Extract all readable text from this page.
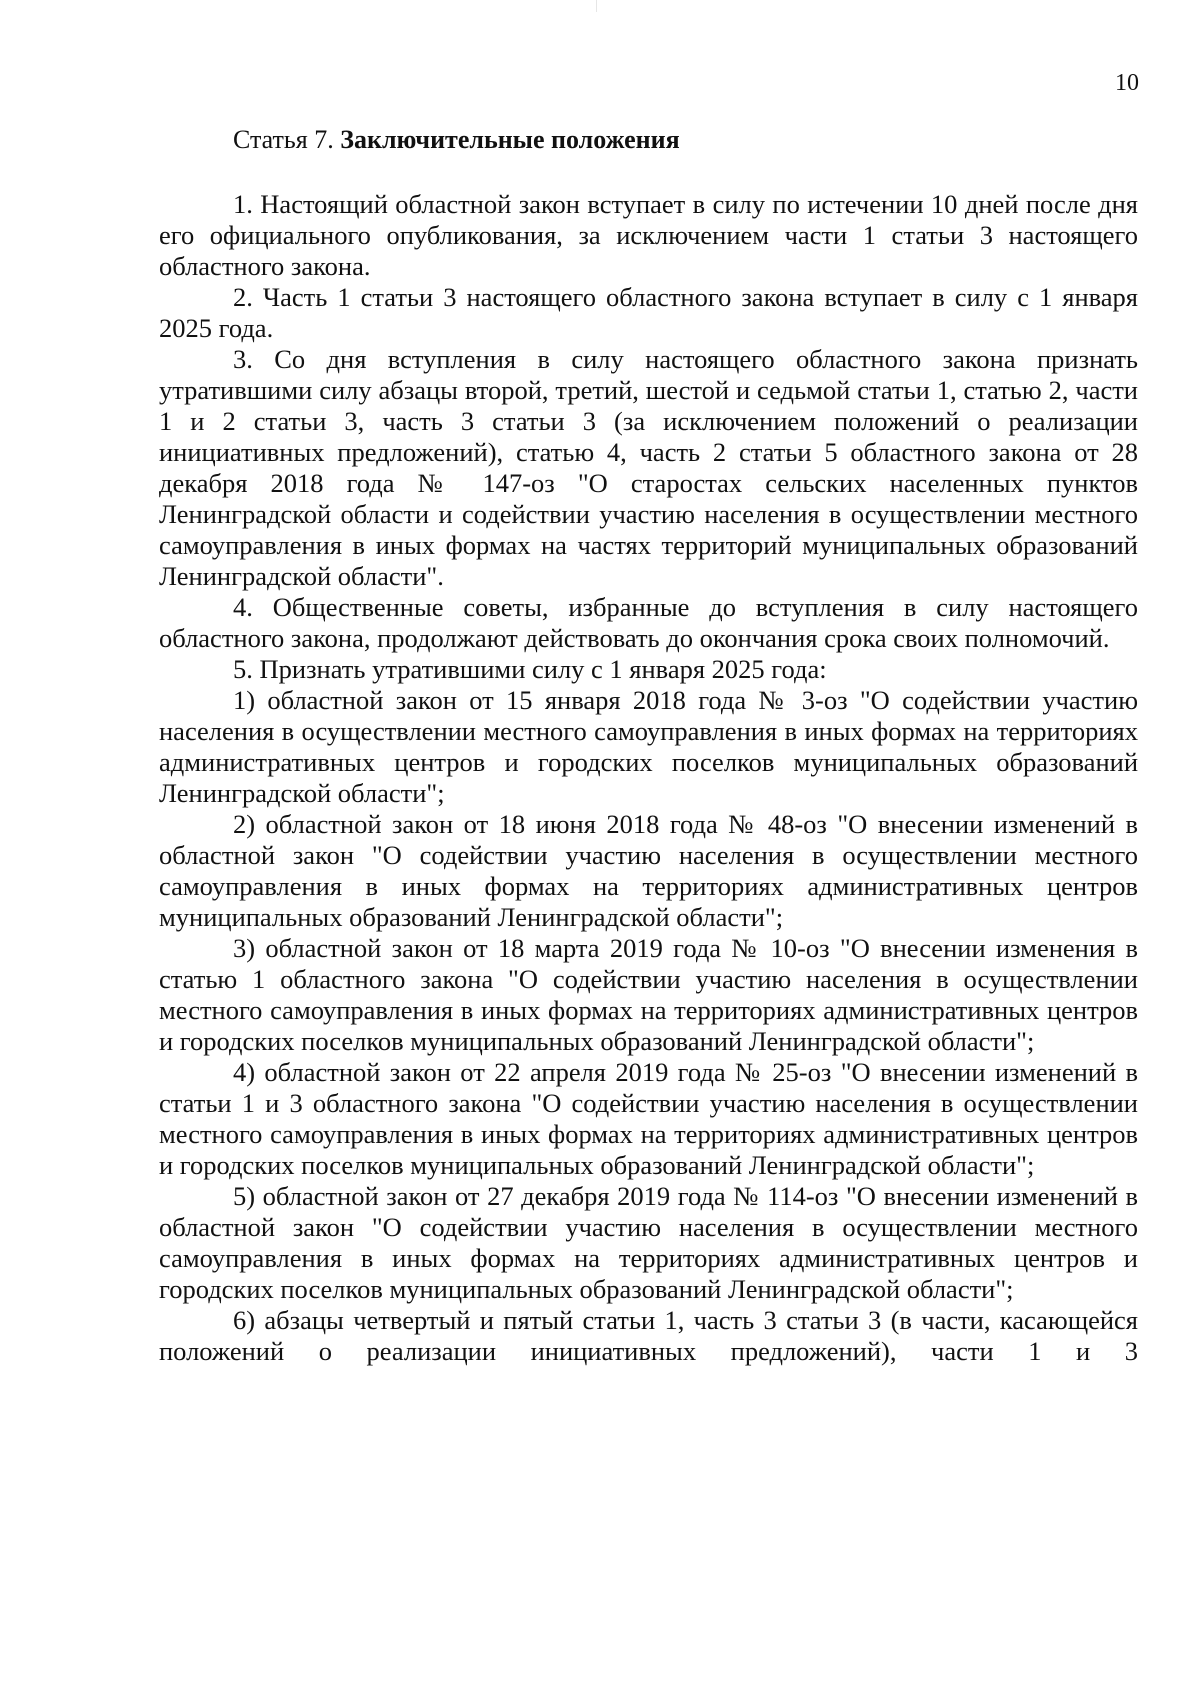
10
Статья 7. Заключительные положения

1. Настоящий областной закон вступает в силу по истечении 10 дней после дня его официального опубликования, за исключением части 1 статьи 3 настоящего областного закона.

2. Часть 1 статьи 3 настоящего областного закона вступает в силу с 1 января 2025 года.

3. Со дня вступления в силу настоящего областного закона признать утратившими силу абзацы второй, третий, шестой и седьмой статьи 1, статью 2, части 1 и 2 статьи 3, часть 3 статьи 3 (за исключением положений о реализации инициативных предложений), статью 4, часть 2 статьи 5 областного закона от 28 декабря 2018 года № 147-оз "О старостах сельских населенных пунктов Ленинградской области и содействии участию населения в осуществлении местного самоуправления в иных формах на частях территорий муниципальных образований Ленинградской области".

4. Общественные советы, избранные до вступления в силу настоящего областного закона, продолжают действовать до окончания срока своих полномочий.

5. Признать утратившими силу с 1 января 2025 года:

1) областной закон от 15 января 2018 года № 3-оз "О содействии участию населения в осуществлении местного самоуправления в иных формах на территориях административных центров и городских поселков муниципальных образований Ленинградской области";

2) областной закон от 18 июня 2018 года № 48-оз "О внесении изменений в областной закон "О содействии участию населения в осуществлении местного самоуправления в иных формах на территориях административных центров муниципальных образований Ленинградской области";

3) областной закон от 18 марта 2019 года № 10-оз "О внесении изменения в статью 1 областного закона "О содействии участию населения в осуществлении местного самоуправления в иных формах на территориях административных центров и городских поселков муниципальных образований Ленинградской области";

4) областной закон от 22 апреля 2019 года № 25-оз "О внесении изменений в статьи 1 и 3 областного закона "О содействии участию населения в осуществлении местного самоуправления в иных формах на территориях административных центров и городских поселков муниципальных образований Ленинградской области";

5) областной закон от 27 декабря 2019 года № 114-оз "О внесении изменений в областной закон "О содействии участию населения в осуществлении местного самоуправления в иных формах на территориях административных центров и городских поселков муниципальных образований Ленинградской области";

6) абзацы четвертый и пятый статьи 1, часть 3 статьи 3 (в части, касающейся положений о реализации инициативных предложений), части 1 и 3
